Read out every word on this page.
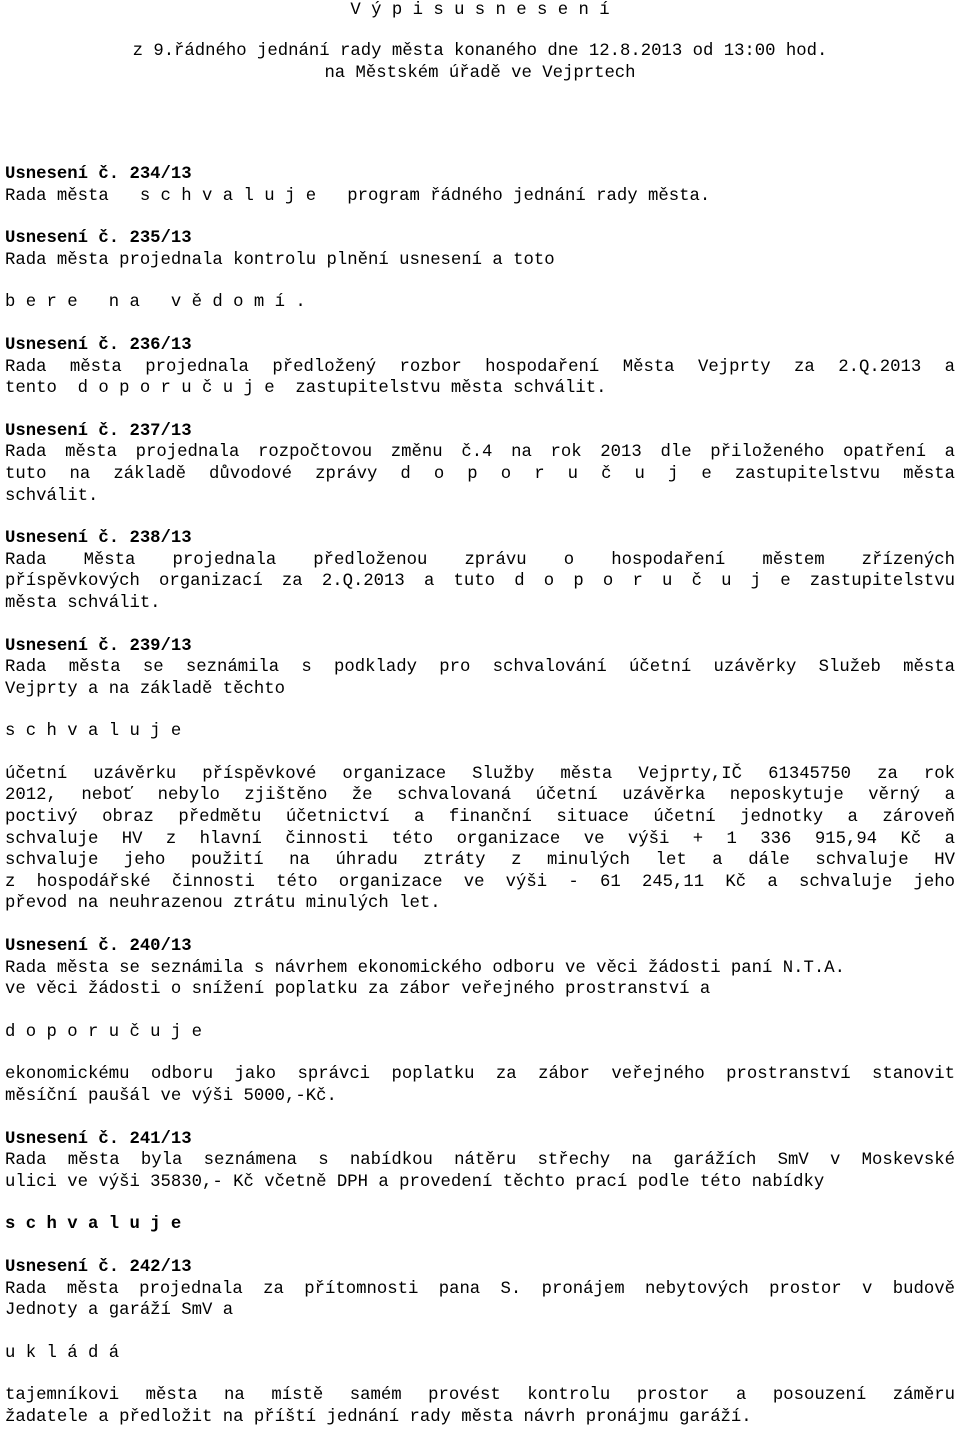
V ý p i s u s n e s e n í
z 9.řádného jednání rady města konaného dne 12.8.2013 od 13:00 hod.
na Městském úřadě ve Vejprtech
Usnesení č. 234/13
Rada města   s c h v a l u j e   program řádného jednání rady města.
Usnesení č. 235/13
Rada města projednala kontrolu plnění usnesení a toto
b e r e   n a   v ě d o m í .
Usnesení č. 236/13
Rada města projednala předložený rozbor hospodaření Města Vejprty za 2.Q.2013 a
tento  d o p o r u č u j e  zastupitelstvu města schválit.
Usnesení č. 237/13
Rada města projednala rozpočtovou změnu č.4 na rok 2013 dle přiloženého opatření a
tuto na základě důvodové zprávy d o p o r u č u j e zastupitelstvu města
schválit.
Usnesení č. 238/13
Rada Města projednala předloženou zprávu o hospodaření městem zřízených
příspěvkových organizací za 2.Q.2013 a tuto d o p o r u č u j e zastupitelstvu
města schválit.
Usnesení č. 239/13
Rada města se seznámila s podklady pro schvalování účetní uzávěrky Služeb města
Vejprty a na základě těchto
s c h v a l u j e
účetní uzávěrku příspěvkové organizace Služby města Vejprty,IČ 61345750 za rok
2012, neboť nebylo zjištěno že schvalovaná účetní uzávěrka neposkytuje věrný a
poctivý obraz předmětu účetnictví a finanční situace účetní jednotky a zároveň
schvaluje HV z hlavní činnosti této organizace ve výši + 1 336 915,94 Kč a
schvaluje jeho použití na úhradu ztráty z minulých let a dále schvaluje HV
z hospodářské činnosti této organizace ve výši - 61 245,11 Kč a schvaluje jeho
převod na neuhrazenou ztrátu minulých let.
Usnesení č. 240/13
Rada města se seznámila s návrhem ekonomického odboru ve věci žádosti paní N.T.A.
ve věci žádosti o snížení poplatku za zábor veřejného prostranství a
d o p o r u č u j e
ekonomickému odboru jako správci poplatku za zábor veřejného prostranství stanovit
měsíční paušál ve výši 5000,-Kč.
Usnesení č. 241/13
Rada města byla seznámena s nabídkou nátěru střechy na garážích SmV v Moskevské
ulici ve výši 35830,- Kč včetně DPH a provedení těchto prací podle této nabídky
s c h v a l u j e
Usnesení č. 242/13
Rada města projednala za přítomnosti pana S. pronájem nebytových prostor v budově
Jednoty a garáží SmV a
u k l á d á
tajemníkovi města na místě samém provést kontrolu prostor a posouzení záměru
žadatele a předložit na příští jednání rady města návrh pronájmu garáží.
